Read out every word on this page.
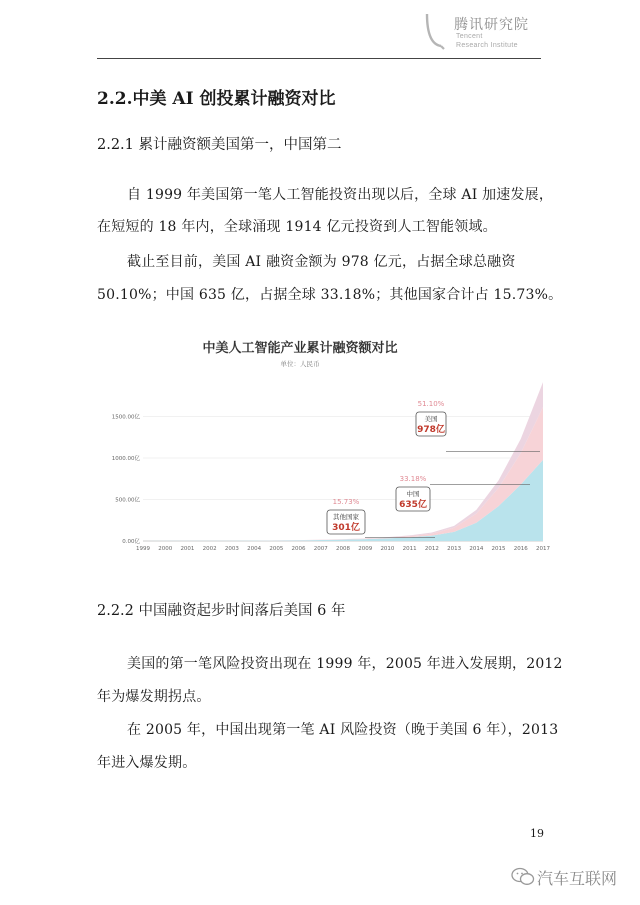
腾讯研究院
Tencent
Research Institute
2.2.中美 AI 创投累计融资对比
2.2.1 累计融资额美国第一，中国第二
自 1999 年美国第一笔人工智能投资出现以后，全球 AI 加速发展，
在短短的 18 年内，全球涌现 1914 亿元投资到人工智能领域。
截止至目前，美国 AI 融资金额为 978 亿元，占据全球总融资
50.10%；中国 635 亿，占据全球 33.18%；其他国家合计占 15.73%。
中美人工智能产业累计融资额对比
单位：人民币
0.00亿
500.00亿
1000.00亿
1500.00亿
1999 2000 2001 2002 2003 2004 2005 2006 2007 2008 2009 2010 2011 2012 2013 2014 2015 2016 2017
51.10%
美国
978亿
33.18%
中国
635亿
15.73%
其他国家
301亿
2.2.2 中国融资起步时间落后美国 6 年
美国的第一笔风险投资出现在 1999 年，2005 年进入发展期，2012
年为爆发期拐点。
在 2005 年，中国出现第一笔 AI 风险投资（晚于美国 6 年），2013
年进入爆发期。
19
汽车互联网
